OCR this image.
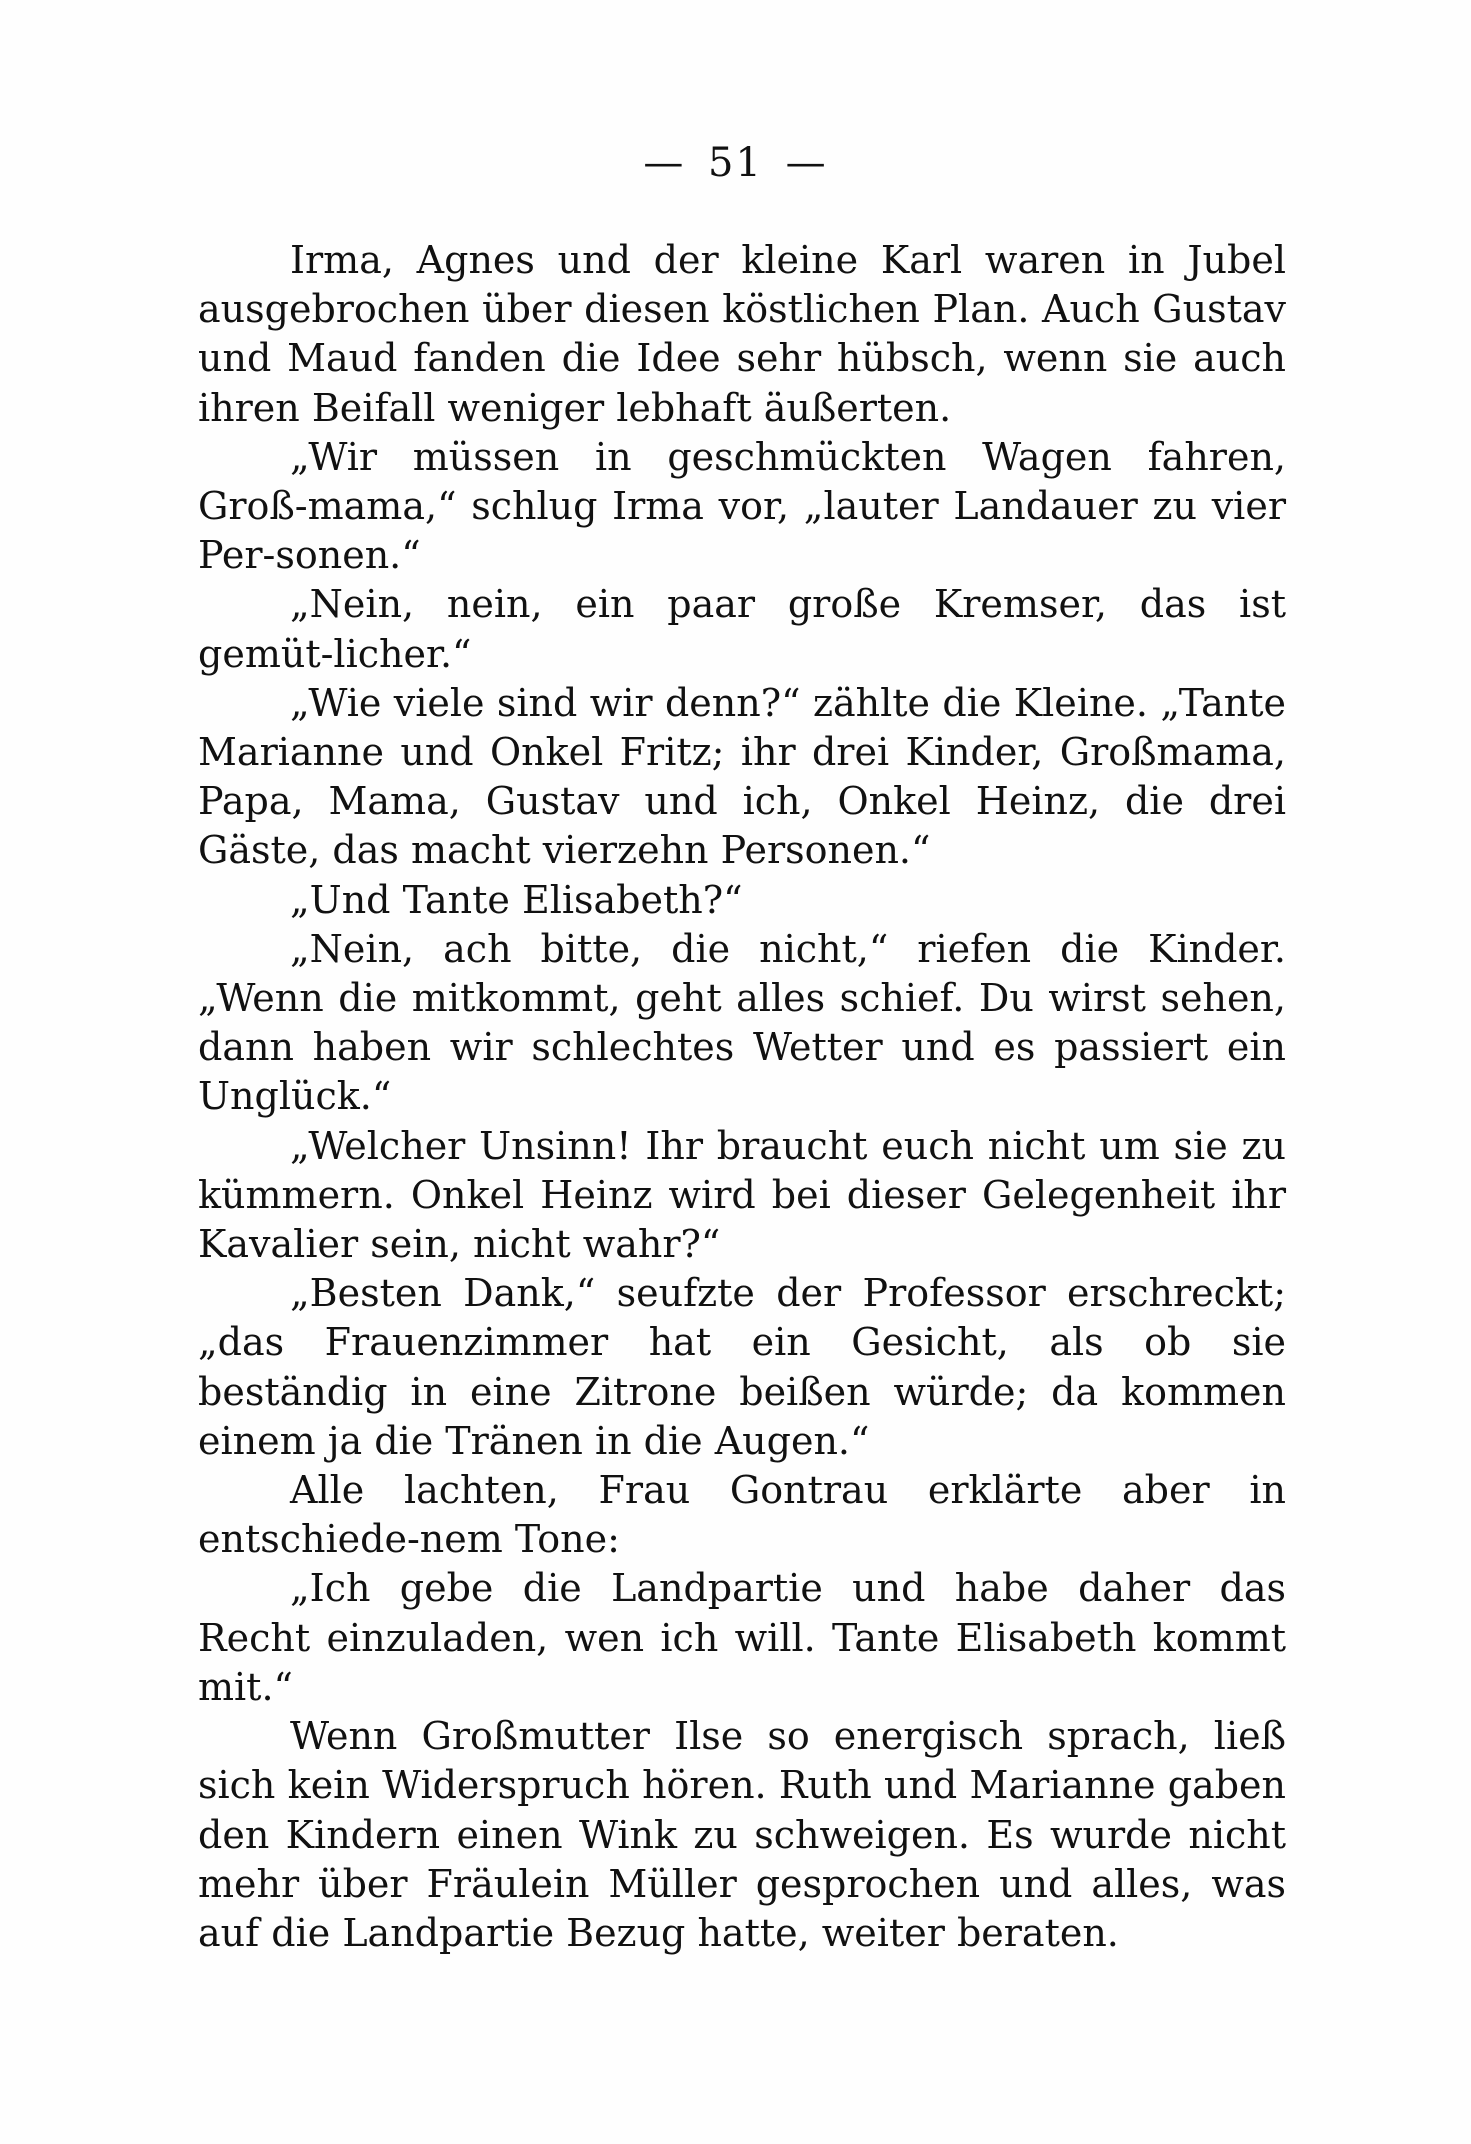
— 51 —

Irma, Agnes und der kleine Karl waren in Jubel ausgebrochen über diesen köstlichen Plan. Auch Gustav und Maud fanden die Idee sehr hübsch, wenn sie auch ihren Beifall weniger lebhaft äußerten.

„Wir müssen in geschmückten Wagen fahren, Groß-mama,“ schlug Irma vor, „lauter Landauer zu vier Per-sonen.“

„Nein, nein, ein paar große Kremser, das ist gemüt-licher.“

„Wie viele sind wir denn?“ zählte die Kleine. „Tante Marianne und Onkel Fritz; ihr drei Kinder, Großmama, Papa, Mama, Gustav und ich, Onkel Heinz, die drei Gäste, das macht vierzehn Personen.“

„Und Tante Elisabeth?“

„Nein, ach bitte, die nicht,“ riefen die Kinder. „Wenn die mitkommt, geht alles schief. Du wirst sehen, dann haben wir schlechtes Wetter und es passiert ein Unglück.“

„Welcher Unsinn! Ihr braucht euch nicht um sie zu kümmern. Onkel Heinz wird bei dieser Gelegenheit ihr Kavalier sein, nicht wahr?“

„Besten Dank,“ seufzte der Professor erschreckt; „das Frauenzimmer hat ein Gesicht, als ob sie beständig in eine Zitrone beißen würde; da kommen einem ja die Tränen in die Augen.“

Alle lachten, Frau Gontrau erklärte aber in entschiede-nem Tone:

„Ich gebe die Landpartie und habe daher das Recht einzuladen, wen ich will. Tante Elisabeth kommt mit.“

Wenn Großmutter Ilse so energisch sprach, ließ sich kein Widerspruch hören. Ruth und Marianne gaben den Kindern einen Wink zu schweigen. Es wurde nicht mehr über Fräulein Müller gesprochen und alles, was auf die Landpartie Bezug hatte, weiter beraten.
